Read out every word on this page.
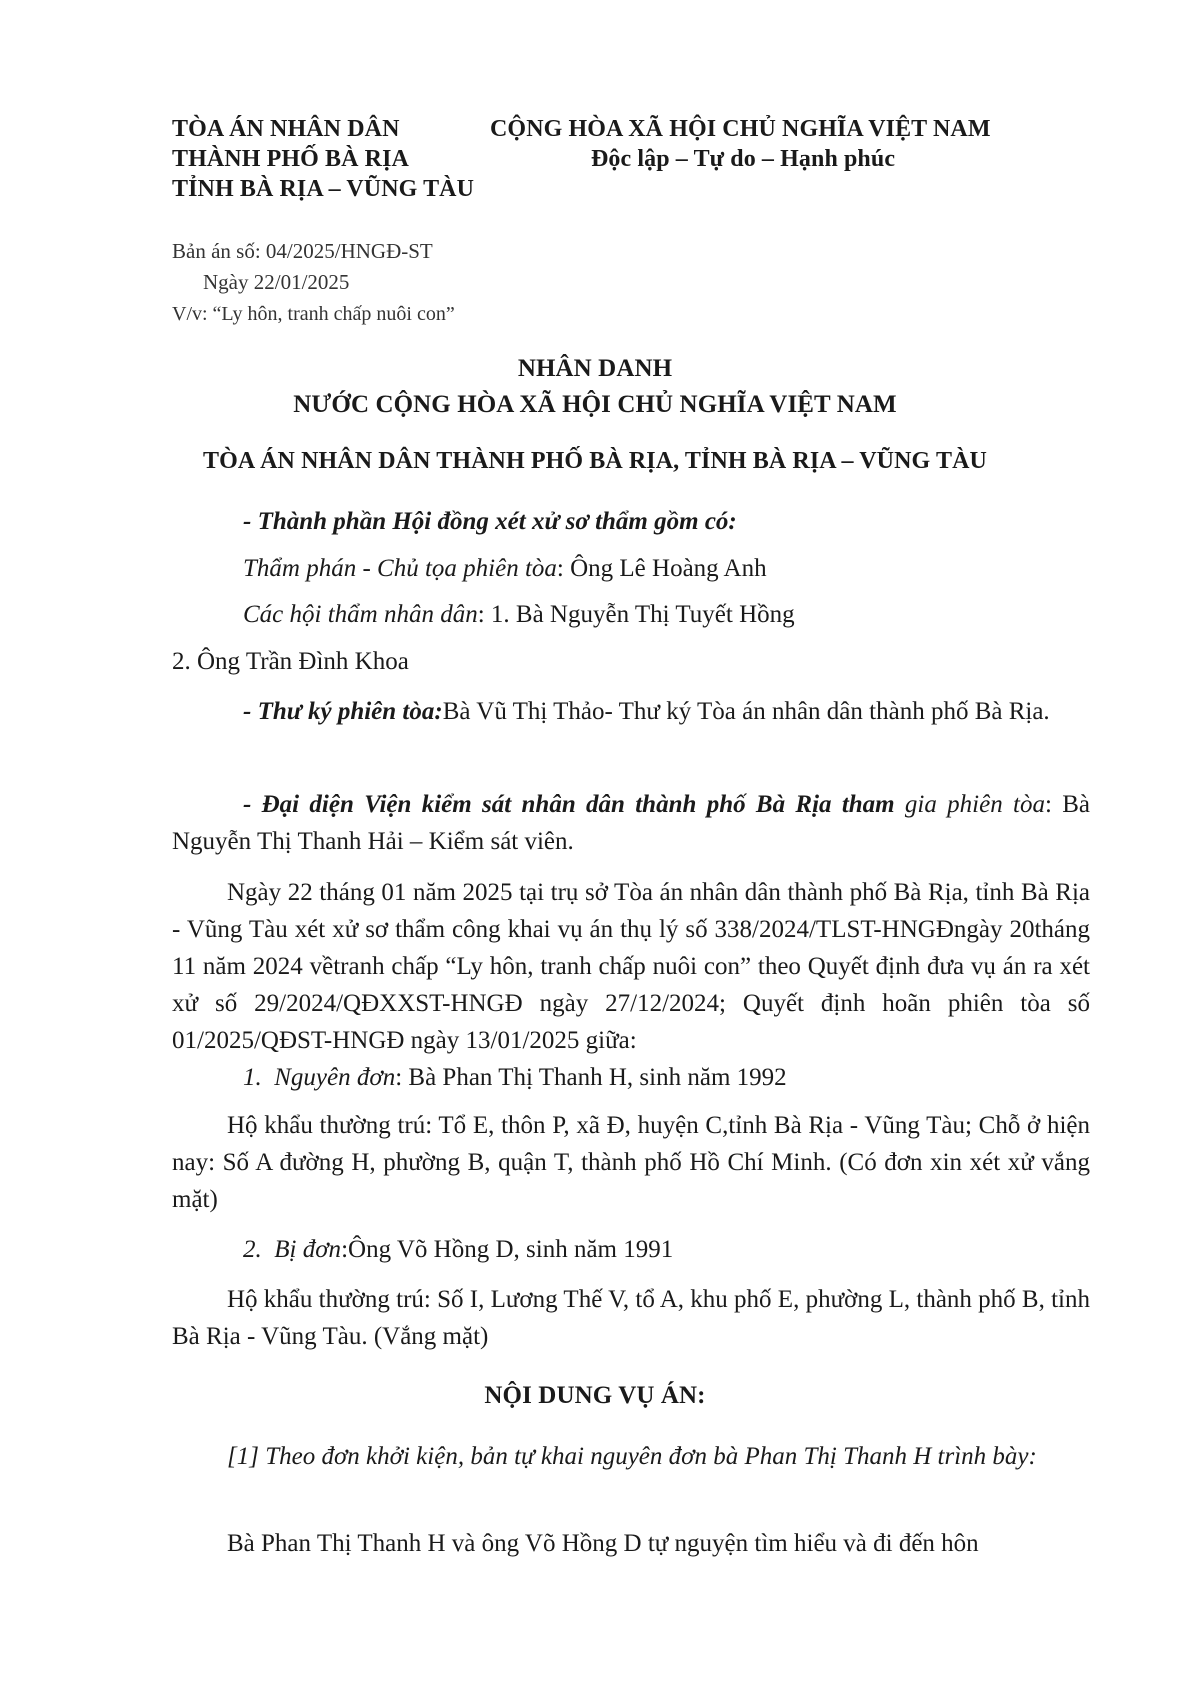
TÒA ÁN NHÂN DÂN
THÀNH PHỐ BÀ RỊA
TỈNH BÀ RỊA – VŨNG TÀU
CỘNG HÒA XÃ HỘI CHỦ NGHĨA VIỆT NAM
Độc lập – Tự do – Hạnh phúc
Bản án số: 04/2025/HNGĐ-ST
Ngày 22/01/2025
V/v: “Ly hôn, tranh chấp nuôi con”
NHÂN DANH
NƯỚC CỘNG HÒA XÃ HỘI CHỦ NGHĨA VIỆT NAM
TÒA ÁN NHÂN DÂN THÀNH PHỐ BÀ RỊA, TỈNH BÀ RỊA – VŨNG TÀU
- Thành phần Hội đồng xét xử sơ thẩm gồm có:
Thẩm phán - Chủ tọa phiên tòa: Ông Lê Hoàng Anh
Các hội thẩm nhân dân: 1. Bà Nguyễn Thị Tuyết Hồng
2. Ông Trần Đình Khoa
- Thư ký phiên tòa:Bà Vũ Thị Thảo- Thư ký Tòa án nhân dân thành phố Bà Rịa.
- Đại diện Viện kiểm sát nhân dân thành phố Bà Rịa tham gia phiên tòa: Bà Nguyễn Thị Thanh Hải – Kiểm sát viên.
Ngày 22 tháng 01 năm 2025 tại trụ sở Tòa án nhân dân thành phố Bà Rịa, tỉnh Bà Rịa - Vũng Tàu xét xử sơ thẩm công khai vụ án thụ lý số 338/2024/TLST-HNGĐngày 20tháng 11 năm 2024 vềtranh chấp “Ly hôn, tranh chấp nuôi con” theo Quyết định đưa vụ án ra xét xử số 29/2024/QĐXXST-HNGĐ ngày 27/12/2024; Quyết định hoãn phiên tòa số 01/2025/QĐST-HNGĐ ngày 13/01/2025 giữa:
1. Nguyên đơn: Bà Phan Thị Thanh H, sinh năm 1992
Hộ khẩu thường trú: Tổ E, thôn P, xã Đ, huyện C,tỉnh Bà Rịa - Vũng Tàu; Chỗ ở hiện nay: Số A đường H, phường B, quận T, thành phố Hồ Chí Minh. (Có đơn xin xét xử vắng mặt)
2. Bị đơn:Ông Võ Hồng D, sinh năm 1991
Hộ khẩu thường trú: Số I, Lương Thế V, tổ A, khu phố E, phường L, thành phố B, tỉnh Bà Rịa - Vũng Tàu. (Vắng mặt)
NỘI DUNG VỤ ÁN:
[1] Theo đơn khởi kiện, bản tự khai nguyên đơn bà Phan Thị Thanh H trình bày:
Bà Phan Thị Thanh H và ông Võ Hồng D tự nguyện tìm hiểu và đi đến hôn
